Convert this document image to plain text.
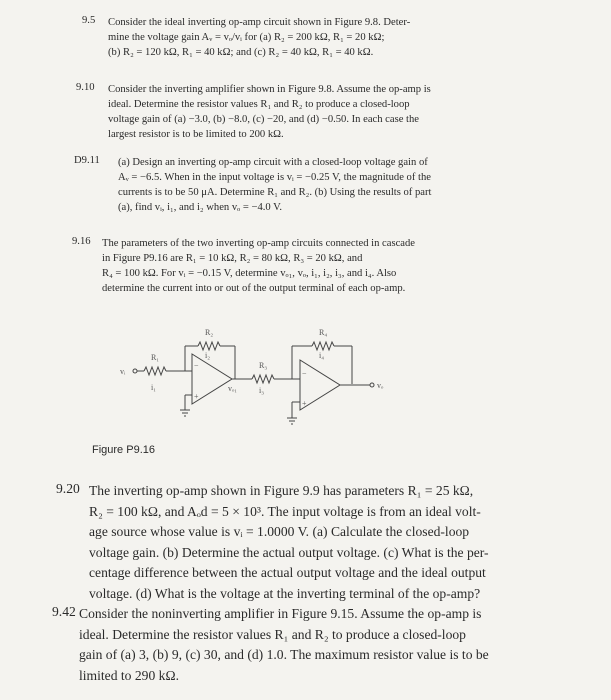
9.5 Consider the ideal inverting op-amp circuit shown in Figure 9.8. Deter-
mine the voltage gain Aᵥ = vₒ/vᵢ for (a) R₂ = 200 kΩ, R₁ = 20 kΩ;
(b) R₂ = 120 kΩ, R₁ = 40 kΩ; and (c) R₂ = 40 kΩ, R₁ = 40 kΩ.
9.10 Consider the inverting amplifier shown in Figure 9.8. Assume the op-amp is
ideal. Determine the resistor values R₁ and R₂ to produce a closed-loop
voltage gain of (a) −3.0, (b) −8.0, (c) −20, and (d) −0.50. In each case the
largest resistor is to be limited to 200 kΩ.
D9.11 (a) Design an inverting op-amp circuit with a closed-loop voltage gain of
Aᵥ = −6.5. When in the input voltage is vᵢ = −0.25 V, the magnitude of the
currents is to be 50 μA. Determine R₁ and R₂. (b) Using the results of part
(a), find vᵢ, i₁, and i₂ when vₒ = −4.0 V.
9.16 The parameters of the two inverting op-amp circuits connected in cascade
in Figure P9.16 are R₁ = 10 kΩ, R₂ = 80 kΩ, R₃ = 20 kΩ, and
R₄ = 100 kΩ. For vᵢ = −0.15 V, determine vₒ₁, vₒ, i₁, i₂, i₃, and i₄. Also
determine the current into or out of the output terminal of each op-amp.
−
+
−
+
R₁
R₂
R₃
R₄
i₁
i₂
i₃
i₄
vᵢ
vₒ₁	vₒ
Figure P9.16
9.20 The inverting op-amp shown in Figure 9.9 has parameters R₁ = 25 kΩ,
R₂ = 100 kΩ, and Aₒd = 5 × 10³. The input voltage is from an ideal volt-
age source whose value is vᵢ = 1.0000 V. (a) Calculate the closed-loop
voltage gain. (b) Determine the actual output voltage. (c) What is the per-
centage difference between the actual output voltage and the ideal output
voltage. (d) What is the voltage at the inverting terminal of the op-amp?
9.42 Consider the noninverting amplifier in Figure 9.15. Assume the op-amp is
ideal. Determine the resistor values R₁ and R₂ to produce a closed-loop
gain of (a) 3, (b) 9, (c) 30, and (d) 1.0. The maximum resistor value is to be
limited to 290 kΩ.
